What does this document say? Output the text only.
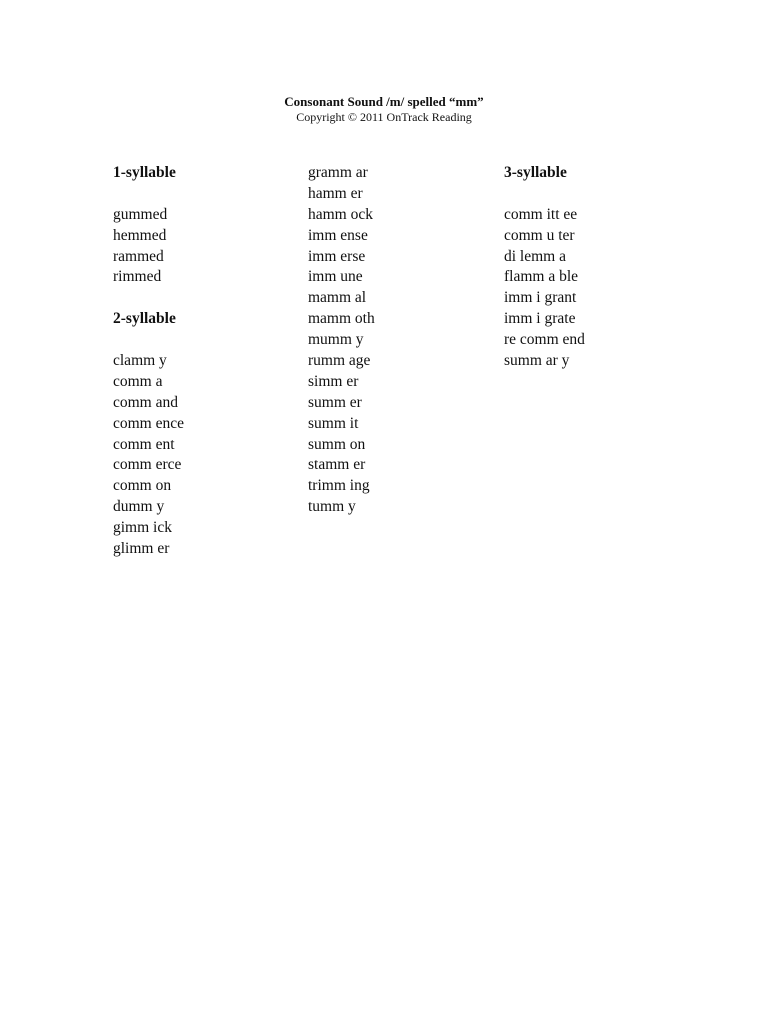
Consonant Sound /m/ spelled “mm”

Copyright © 2011 OnTrack Reading

1-syllable

gummed

hemmed

rammed

rimmed

2-syllable

clamm y

comm a

comm and

comm ence

comm ent

comm erce

comm on

dumm y

gimm ick

glimm er

gramm ar

hamm er

hamm ock

imm ense

imm erse

imm une

mamm al

mamm oth

mumm y

rumm age

simm er

summ er

summ it

summ on

stamm er

trimm ing

tumm y

3-syllable

comm itt ee

comm u ter

di lemm a

flamm a ble

imm i grant

imm i grate

re comm end

summ ar y
